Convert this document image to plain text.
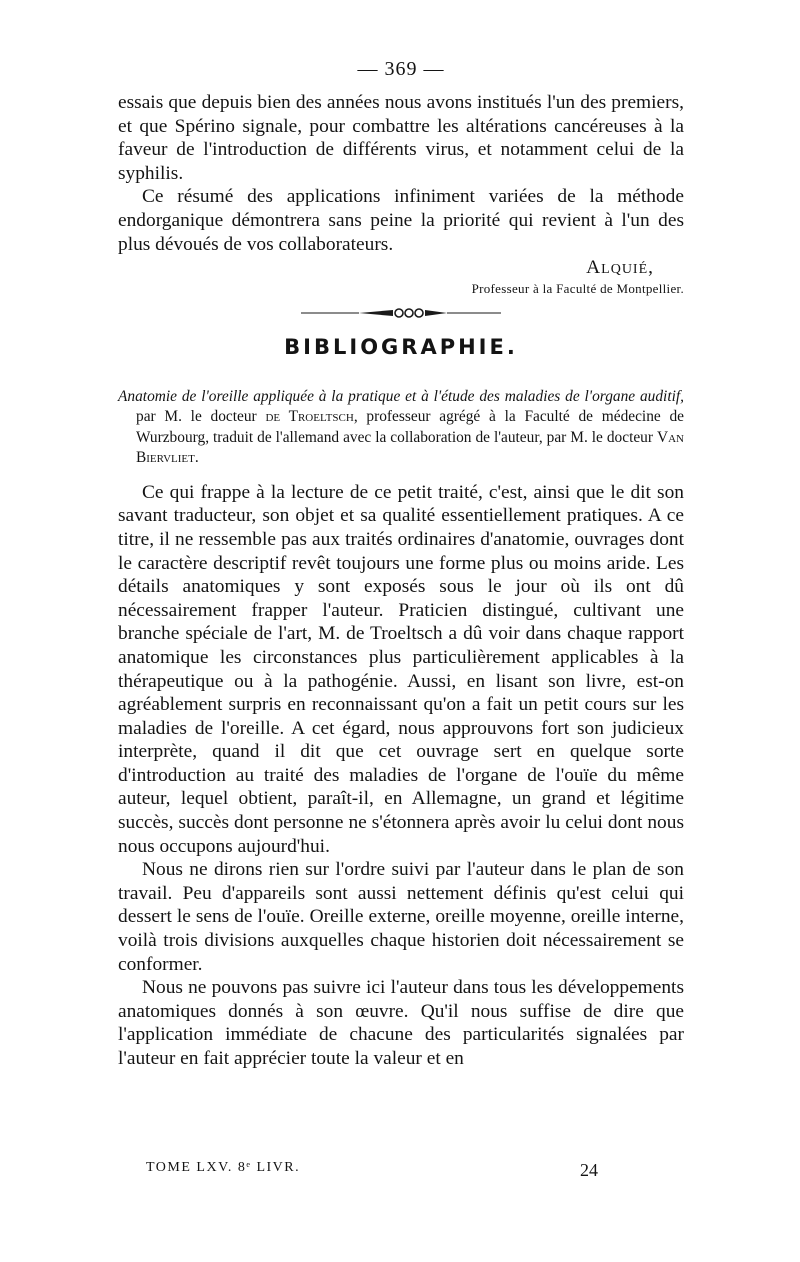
— 369 —

essais que depuis bien des années nous avons institués l'un des premiers, et que Spérino signale, pour combattre les altérations cancéreuses à la faveur de l'introduction de différents virus, et notamment celui de la syphilis.

Ce résumé des applications infiniment variées de la méthode endorganique démontrera sans peine la priorité qui revient à l'un des plus dévoués de vos collaborateurs.

Alquié,
Professeur à la Faculté de Montpellier.
BIBLIOGRAPHIE.

Anatomie de l'oreille appliquée à la pratique et à l'étude des maladies de l'organe auditif, par M. le docteur de Troeltsch, professeur agrégé à la Faculté de médecine de Wurzbourg, traduit de l'allemand avec la collaboration de l'auteur, par M. le docteur Van Biervliet.

Ce qui frappe à la lecture de ce petit traité, c'est, ainsi que le dit son savant traducteur, son objet et sa qualité essentiellement pratiques. A ce titre, il ne ressemble pas aux traités ordinaires d'anatomie, ouvrages dont le caractère descriptif revêt toujours une forme plus ou moins aride. Les détails anatomiques y sont exposés sous le jour où ils ont dû nécessairement frapper l'auteur. Praticien distingué, cultivant une branche spéciale de l'art, M. de Troeltsch a dû voir dans chaque rapport anatomique les circonstances plus particulièrement applicables à la thérapeutique ou à la pathogénie. Aussi, en lisant son livre, est-on agréablement surpris en reconnaissant qu'on a fait un petit cours sur les maladies de l'oreille. A cet égard, nous approuvons fort son judicieux interprète, quand il dit que cet ouvrage sert en quelque sorte d'introduction au traité des maladies de l'organe de l'ouïe du même auteur, lequel obtient, paraît-il, en Allemagne, un grand et légitime succès, succès dont personne ne s'étonnera après avoir lu celui dont nous nous occupons aujourd'hui.

Nous ne dirons rien sur l'ordre suivi par l'auteur dans le plan de son travail. Peu d'appareils sont aussi nettement définis qu'est celui qui dessert le sens de l'ouïe. Oreille externe, oreille moyenne, oreille interne, voilà trois divisions auxquelles chaque historien doit nécessairement se conformer.

Nous ne pouvons pas suivre ici l'auteur dans tous les développements anatomiques donnés à son œuvre. Qu'il nous suffise de dire que l'application immédiate de chacune des particularités signalées par l'auteur en fait apprécier toute la valeur et en

TOME LXV. 8ᵉ LIVR.	24
